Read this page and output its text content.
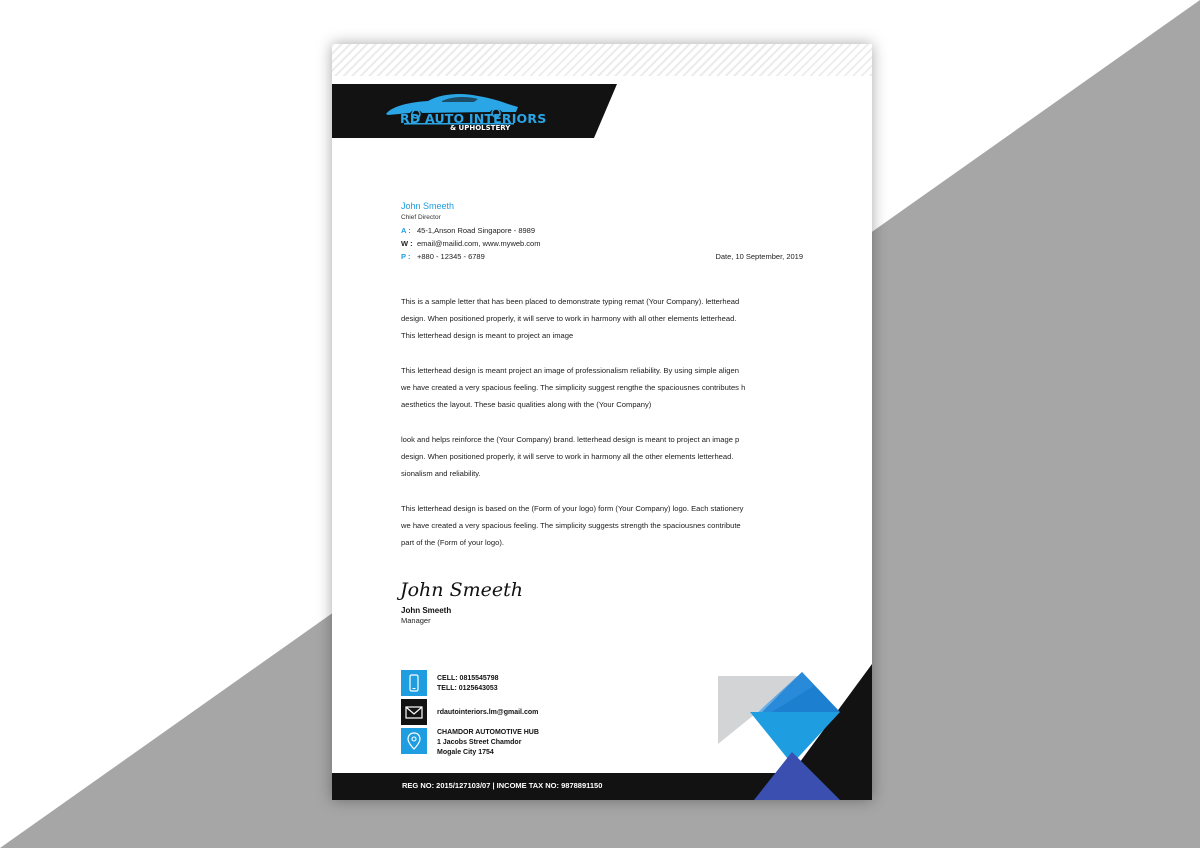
RD AUTO INTERIORS
& UPHOLSTERY
John Smeeth
Chief Director
A : 45-1,Anson Road Singapore - 8989
W : email@mailid.com, www.myweb.com
P : +880 - 12345 - 6789	Date, 10 September, 2019
This is a sample letter that has been placed to demonstrate typing remat (Your Company). letterhead
design. When positioned properly, it will serve to work in harmony with all other elements letterhead.
This letterhead design is meant to project an image
This letterhead design is meant project an image of professionalism reliability. By using simple aligen
we have created a very spacious feeling. The simplicity suggest rengthe the spaciousnes contributes h
aesthetics the layout. These basic qualities along with the (Your Company)
look and helps reinforce the (Your Company) brand. letterhead design is meant to project an image p
design. When positioned properly, it will serve to work in harmony all the other elements letterhead.
sionalism and reliability.
This letterhead design is based on the (Form of your logo) form (Your Company) logo. Each stationery
we have created a very spacious feeling. The simplicity suggests strength the spaciousnes contribute
part of the (Form of your logo).
John Smeeth
John Smeeth
Manager
CELL: 0815545798
TELL: 0125643053
rdautointeriors.lm@gmail.com
CHAMDOR AUTOMOTIVE HUB
1 Jacobs Street Chamdor
Mogale City 1754
REG NO: 2015/127103/07 | INCOME TAX NO: 9878891150
